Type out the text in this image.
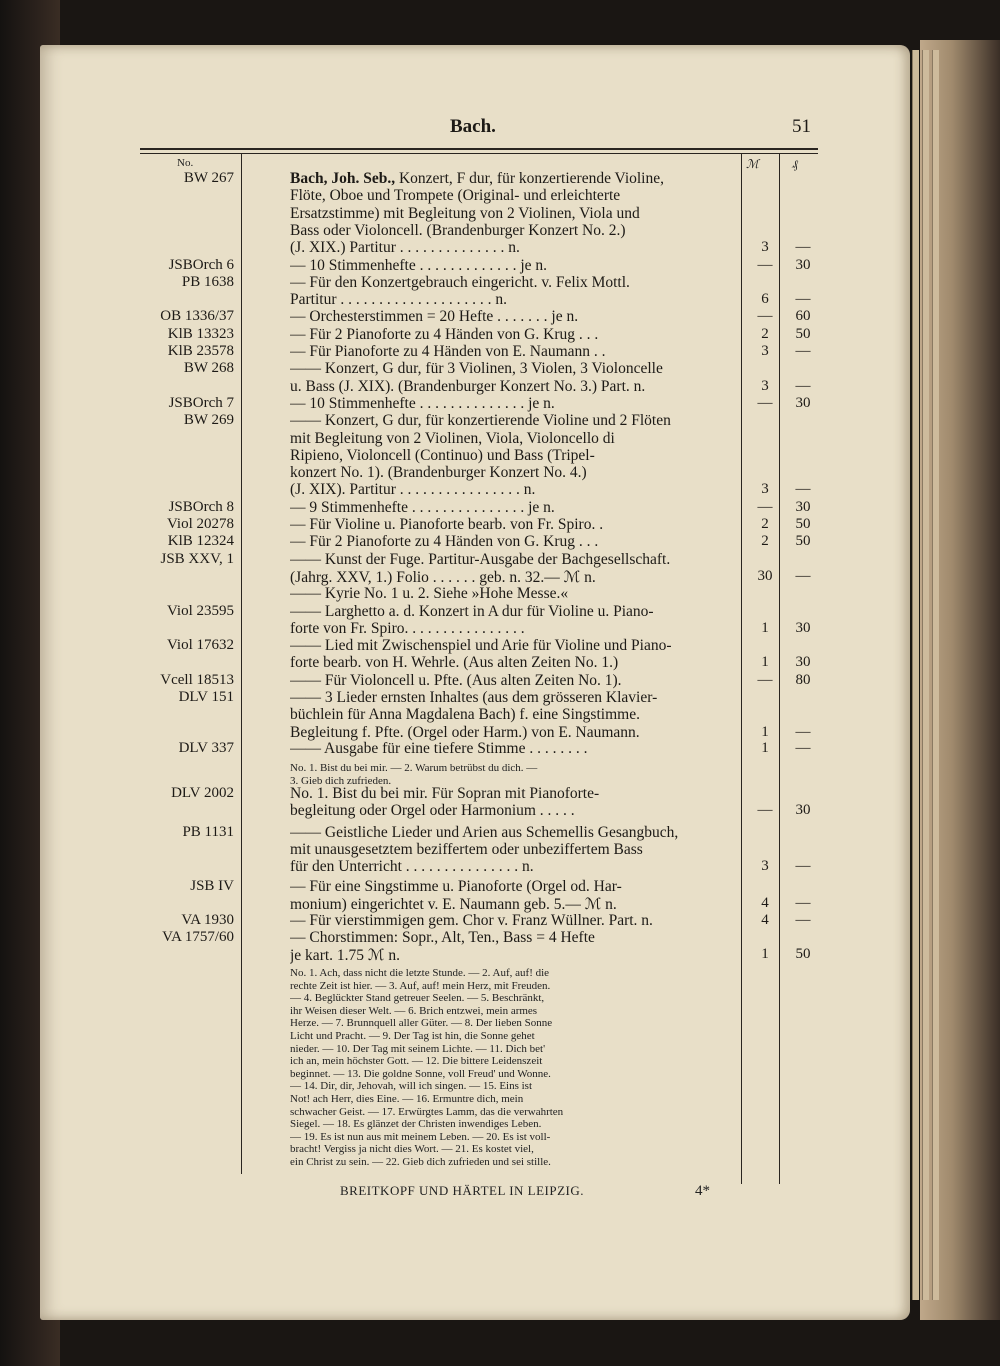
Bach.	51
No.	ℳ	₰
BW 267	Bach, Joh. Seb., Konzert, F dur, für konzertierende Violine,
Flöte, Oboe und Trompete (Original- und erleichterte
Ersatzstimme) mit Begleitung von 2 Violinen, Viola und
Bass oder Violoncell. (Brandenburger Konzert No. 2.)
(J. XIX.) Partitur . . . . . . . . . . . . . . n.	3	—
JSBOrch 6	— 10 Stimmenhefte . . . . . . . . . . . . . je n.	—	30
PB 1638	— Für den Konzertgebrauch eingericht. v. Felix Mottl.
Partitur . . . . . . . . . . . . . . . . . . . . n.	6	—
OB 1336/37	— Orchesterstimmen = 20 Hefte . . . . . . . je n.	—	60
KlB 13323	— Für 2 Pianoforte zu 4 Händen von G. Krug . . .	2	50
KlB 23578	— Für Pianoforte zu 4 Händen von E. Naumann . .	3	—
BW 268	—— Konzert, G dur, für 3 Violinen, 3 Violen, 3 Violoncelle
u. Bass (J. XIX). (Brandenburger Konzert No. 3.) Part. n.	3	—
JSBOrch 7	— 10 Stimmenhefte . . . . . . . . . . . . . . je n.	—	30
BW 269	—— Konzert, G dur, für konzertierende Violine und 2 Flöten
mit Begleitung von 2 Violinen, Viola, Violoncello di
Ripieno, Violoncell (Continuo) und Bass (Tripel-
konzert No. 1). (Brandenburger Konzert No. 4.)
(J. XIX). Partitur . . . . . . . . . . . . . . . . n.	3	—
JSBOrch 8	— 9 Stimmenhefte . . . . . . . . . . . . . . . je n.	—	30
Viol 20278	— Für Violine u. Pianoforte bearb. von Fr. Spiro. .	2	50
KlB 12324	— Für 2 Pianoforte zu 4 Händen von G. Krug . . .	2	50
JSB XXV, 1	—— Kunst der Fuge. Partitur-Ausgabe der Bachgesellschaft.
(Jahrg. XXV, 1.) Folio . . . . . . geb. n. 32.— ℳ n.	30	—
—— Kyrie No. 1 u. 2. Siehe »Hohe Messe.«
Viol 23595	—— Larghetto a. d. Konzert in A dur für Violine u. Piano-
forte von Fr. Spiro. . . . . . . . . . . . . . . .	1	30
Viol 17632	—— Lied mit Zwischenspiel und Arie für Violine und Piano-
forte bearb. von H. Wehrle. (Aus alten Zeiten No. 1.)	1	30
Vcell 18513	—— Für Violoncell u. Pfte. (Aus alten Zeiten No. 1).	—	80
DLV 151	—— 3 Lieder ernsten Inhaltes (aus dem grösseren Klavier-
büchlein für Anna Magdalena Bach) f. eine Singstimme.
Begleitung f. Pfte. (Orgel oder Harm.) von E. Naumann.	1	—
DLV 337	—— Ausgabe für eine tiefere Stimme . . . . . . . .	1	—
No. 1. Bist du bei mir. — 2. Warum betrübst du dich. —
3. Gieb dich zufrieden.
DLV 2002	No. 1. Bist du bei mir. Für Sopran mit Pianoforte-
begleitung oder Orgel oder Harmonium . . . . .	—	30
PB 1131	—— Geistliche Lieder und Arien aus Schemellis Gesangbuch,
mit unausgesetztem beziffertem oder unbeziffertem Bass
für den Unterricht . . . . . . . . . . . . . . . n.	3	—
JSB IV	— Für eine Singstimme u. Pianoforte (Orgel od. Har-
monium) eingerichtet v. E. Naumann geb. 5.— ℳ n.	4	—
VA 1930	— Für vierstimmigen gem. Chor v. Franz Wüllner. Part. n.	4	—
VA 1757/60	— Chorstimmen: Sopr., Alt, Ten., Bass = 4 Hefte
je kart. 1.75 ℳ n.	1	50
No. 1. Ach, dass nicht die letzte Stunde. — 2. Auf, auf! die
rechte Zeit ist hier. — 3. Auf, auf! mein Herz, mit Freuden.
— 4. Beglückter Stand getreuer Seelen. — 5. Beschränkt,
ihr Weisen dieser Welt. — 6. Brich entzwei, mein armes
Herze. — 7. Brunnquell aller Güter. — 8. Der lieben Sonne
Licht und Pracht. — 9. Der Tag ist hin, die Sonne gehet
nieder. — 10. Der Tag mit seinem Lichte. — 11. Dich bet'
ich an, mein höchster Gott. — 12. Die bittere Leidenszeit
beginnet. — 13. Die goldne Sonne, voll Freud' und Wonne.
— 14. Dir, dir, Jehovah, will ich singen. — 15. Eins ist
Not! ach Herr, dies Eine. — 16. Ermuntre dich, mein
schwacher Geist. — 17. Erwürgtes Lamm, das die verwahrten
Siegel. — 18. Es glänzet der Christen inwendiges Leben.
— 19. Es ist nun aus mit meinem Leben. — 20. Es ist voll-
bracht! Vergiss ja nicht dies Wort. — 21. Es kostet viel,
ein Christ zu sein. — 22. Gieb dich zufrieden und sei stille.
BREITKOPF UND HÄRTEL IN LEIPZIG.	4*
